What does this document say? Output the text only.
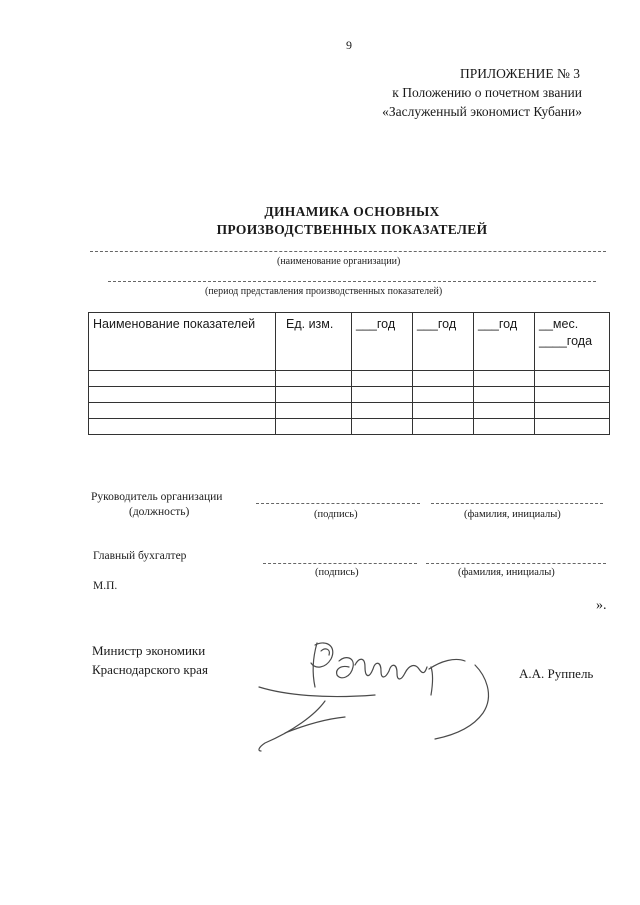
9
ПРИЛОЖЕНИЕ № 3
к Положению о почетном звании
«Заслуженный экономист Кубани»
ДИНАМИКА ОСНОВНЫХ
ПРОИЗВОДСТВЕННЫХ ПОКАЗАТЕЛЕЙ
(наименование организации)
(период представления производственных показателей)
Наименование показателей	Ед. изм.	___год	___год	___год	__мес.
____года

Руководитель организации
(должность)	(подпись)	(фамилия, инициалы)
Главный бухгалтер
(подпись)	(фамилия, инициалы)
М.П.
».
Министр экономики
Краснодарского края	А.А. Руппель
